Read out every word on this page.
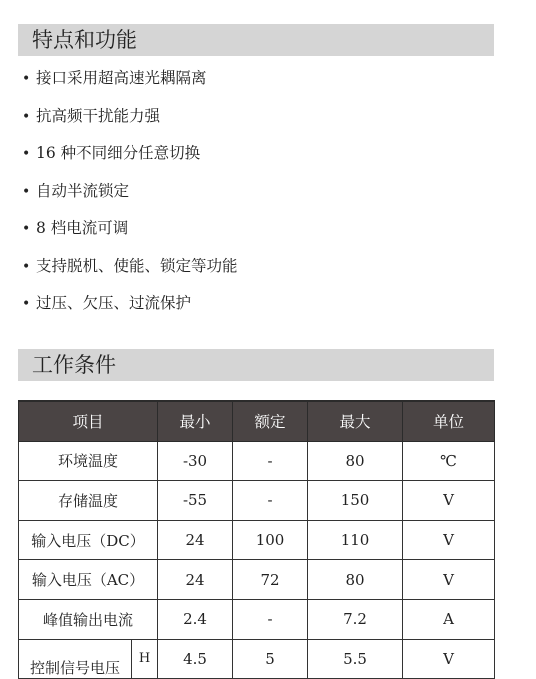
特点和功能
• 接口采用超高速光耦隔离
• 抗高频干扰能力强
• 16 种不同细分任意切换
• 自动半流锁定
• 8 档电流可调
• 支持脱机、使能、锁定等功能
• 过压、欠压、过流保护
工作条件
项目		最小	额定	最大	单位
环境温度		-30	-	80	℃
存储温度		-55	-	150	V
输入电压（DC）		24	100	110	V
输入电压（AC）		24	72	80	V
峰值输出电流		2.4	-	7.2	A
控制信号电压	H	4.5	5	5.5	V
